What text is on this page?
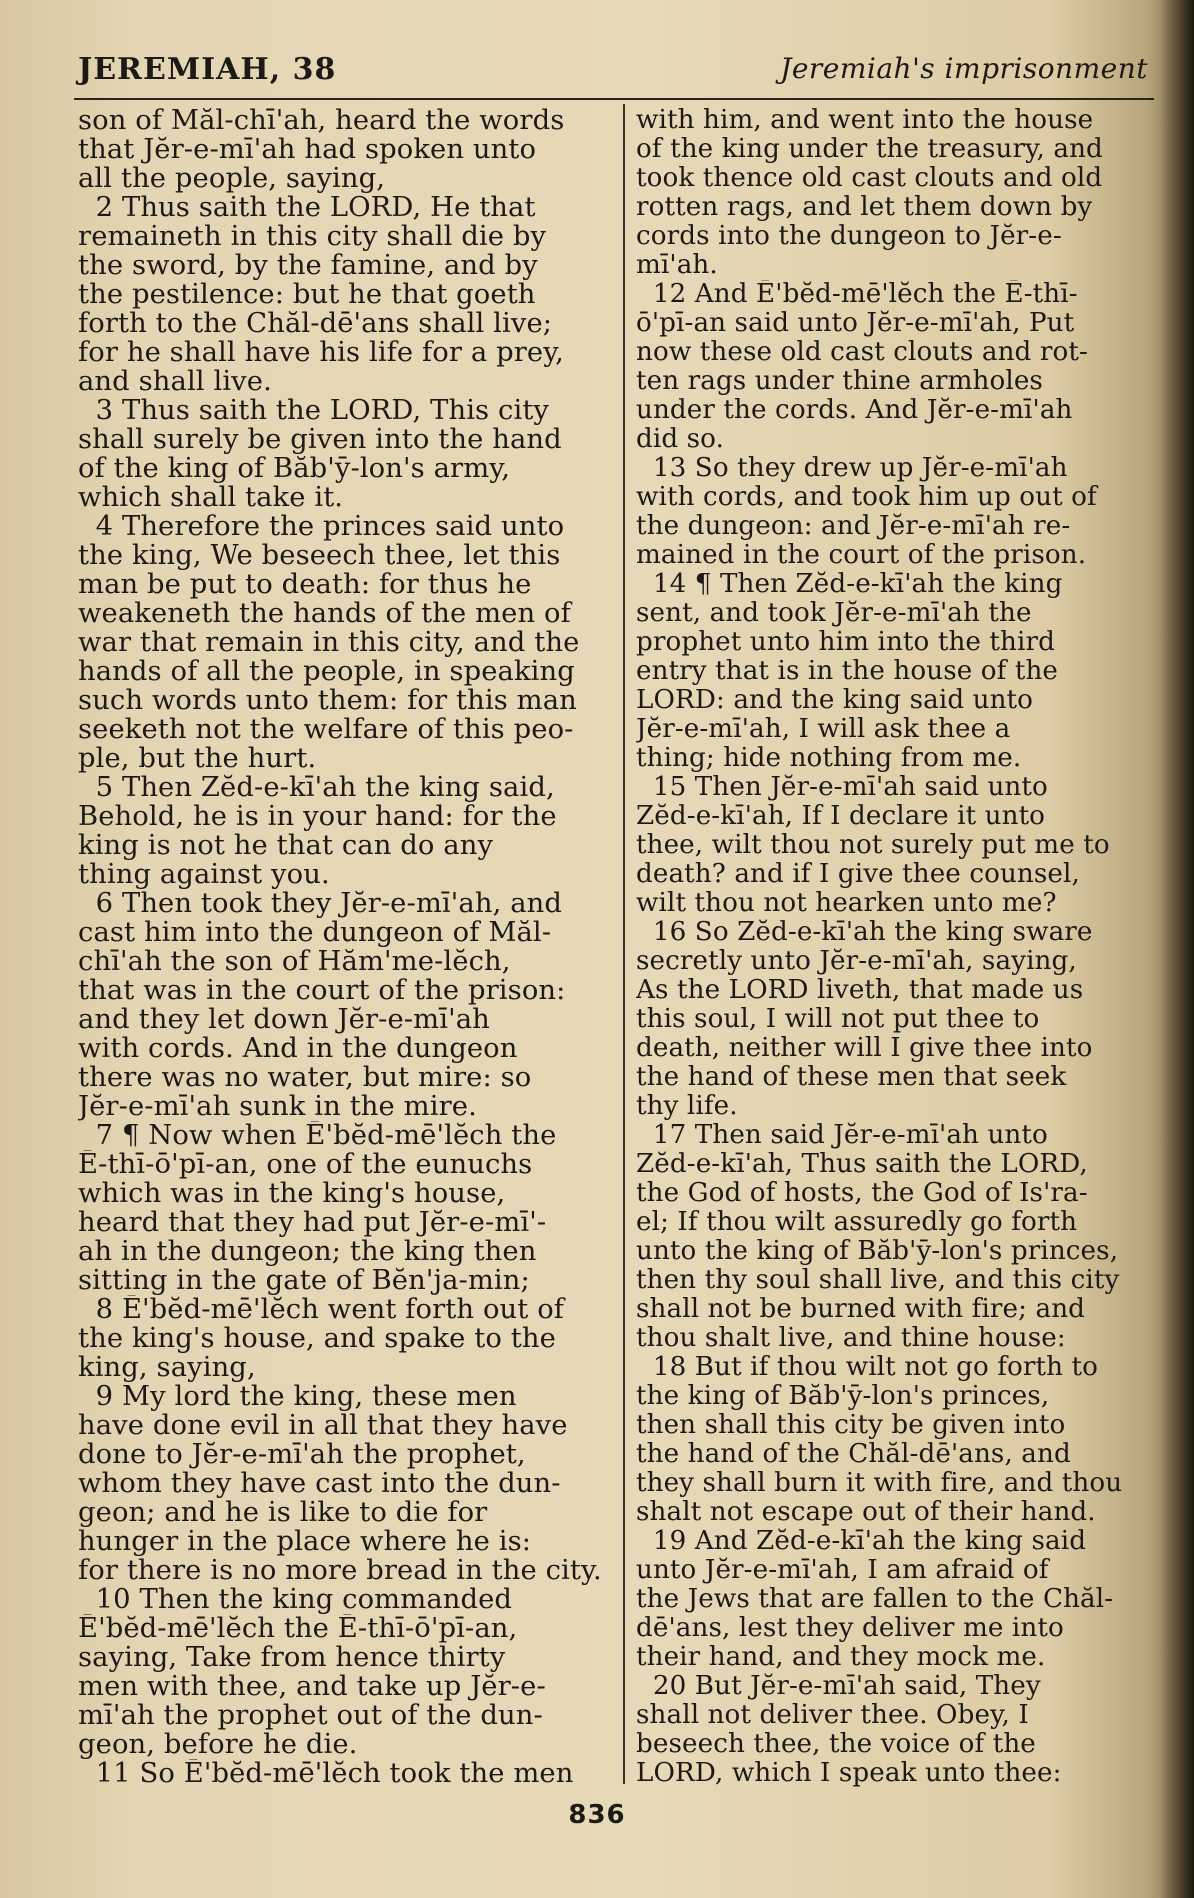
JEREMIAH, 38	Jeremiah's imprisonment
son of Măl-chī'ah, heard the words
that Jĕr-e-mī'ah had spoken unto
all the people, saying,
2 Thus saith the LORD, He that
remaineth in this city shall die by
the sword, by the famine, and by
the pestilence: but he that goeth
forth to the Chăl-dē'ans shall live;
for he shall have his life for a prey,
and shall live.
3 Thus saith the LORD, This city
shall surely be given into the hand
of the king of Băb'ȳ-lon's army,
which shall take it.
4 Therefore the princes said unto
the king, We beseech thee, let this
man be put to death: for thus he
weakeneth the hands of the men of
war that remain in this city, and the
hands of all the people, in speaking
such words unto them: for this man
seeketh not the welfare of this peo-
ple, but the hurt.
5 Then Zĕd-e-kī'ah the king said,
Behold, he is in your hand: for the
king is not he that can do any
thing against you.
6 Then took they Jĕr-e-mī'ah, and
cast him into the dungeon of Măl-
chī'ah the son of Hăm'me-lĕch,
that was in the court of the prison:
and they let down Jĕr-e-mī'ah
with cords. And in the dungeon
there was no water, but mire: so
Jĕr-e-mī'ah sunk in the mire.
7 ¶ Now when Ē'bĕd-mē'lĕch the
Ē-thī-ō'pī-an, one of the eunuchs
which was in the king's house,
heard that they had put Jĕr-e-mī'-
ah in the dungeon; the king then
sitting in the gate of Bĕn'ja-min;
8 Ē'bĕd-mē'lĕch went forth out of
the king's house, and spake to the
king, saying,
9 My lord the king, these men
have done evil in all that they have
done to Jĕr-e-mī'ah the prophet,
whom they have cast into the dun-
geon; and he is like to die for
hunger in the place where he is:
for there is no more bread in the city.
10 Then the king commanded
Ē'bĕd-mē'lĕch the Ē-thī-ō'pī-an,
saying, Take from hence thirty
men with thee, and take up Jĕr-e-
mī'ah the prophet out of the dun-
geon, before he die.
11 So Ē'bĕd-mē'lĕch took the men
with him, and went into the house
of the king under the treasury, and
took thence old cast clouts and old
rotten rags, and let them down by
cords into the dungeon to Jĕr-e-
mī'ah.
12 And Ē'bĕd-mē'lĕch the Ē-thī-
ō'pī-an said unto Jĕr-e-mī'ah, Put
now these old cast clouts and rot-
ten rags under thine armholes
under the cords. And Jĕr-e-mī'ah
did so.
13 So they drew up Jĕr-e-mī'ah
with cords, and took him up out of
the dungeon: and Jĕr-e-mī'ah re-
mained in the court of the prison.
14 ¶ Then Zĕd-e-kī'ah the king
sent, and took Jĕr-e-mī'ah the
prophet unto him into the third
entry that is in the house of the
LORD: and the king said unto
Jĕr-e-mī'ah, I will ask thee a
thing; hide nothing from me.
15 Then Jĕr-e-mī'ah said unto
Zĕd-e-kī'ah, If I declare it unto
thee, wilt thou not surely put me to
death? and if I give thee counsel,
wilt thou not hearken unto me?
16 So Zĕd-e-kī'ah the king sware
secretly unto Jĕr-e-mī'ah, saying,
As the LORD liveth, that made us
this soul, I will not put thee to
death, neither will I give thee into
the hand of these men that seek
thy life.
17 Then said Jĕr-e-mī'ah unto
Zĕd-e-kī'ah, Thus saith the LORD,
the God of hosts, the God of Is'ra-
el; If thou wilt assuredly go forth
unto the king of Băb'ȳ-lon's princes,
then thy soul shall live, and this city
shall not be burned with fire; and
thou shalt live, and thine house:
18 But if thou wilt not go forth to
the king of Băb'ȳ-lon's princes,
then shall this city be given into
the hand of the Chăl-dē'ans, and
they shall burn it with fire, and thou
shalt not escape out of their hand.
19 And Zĕd-e-kī'ah the king said
unto Jĕr-e-mī'ah, I am afraid of
the Jews that are fallen to the Chăl-
dē'ans, lest they deliver me into
their hand, and they mock me.
20 But Jĕr-e-mī'ah said, They
shall not deliver thee. Obey, I
beseech thee, the voice of the
LORD, which I speak unto thee:
836
